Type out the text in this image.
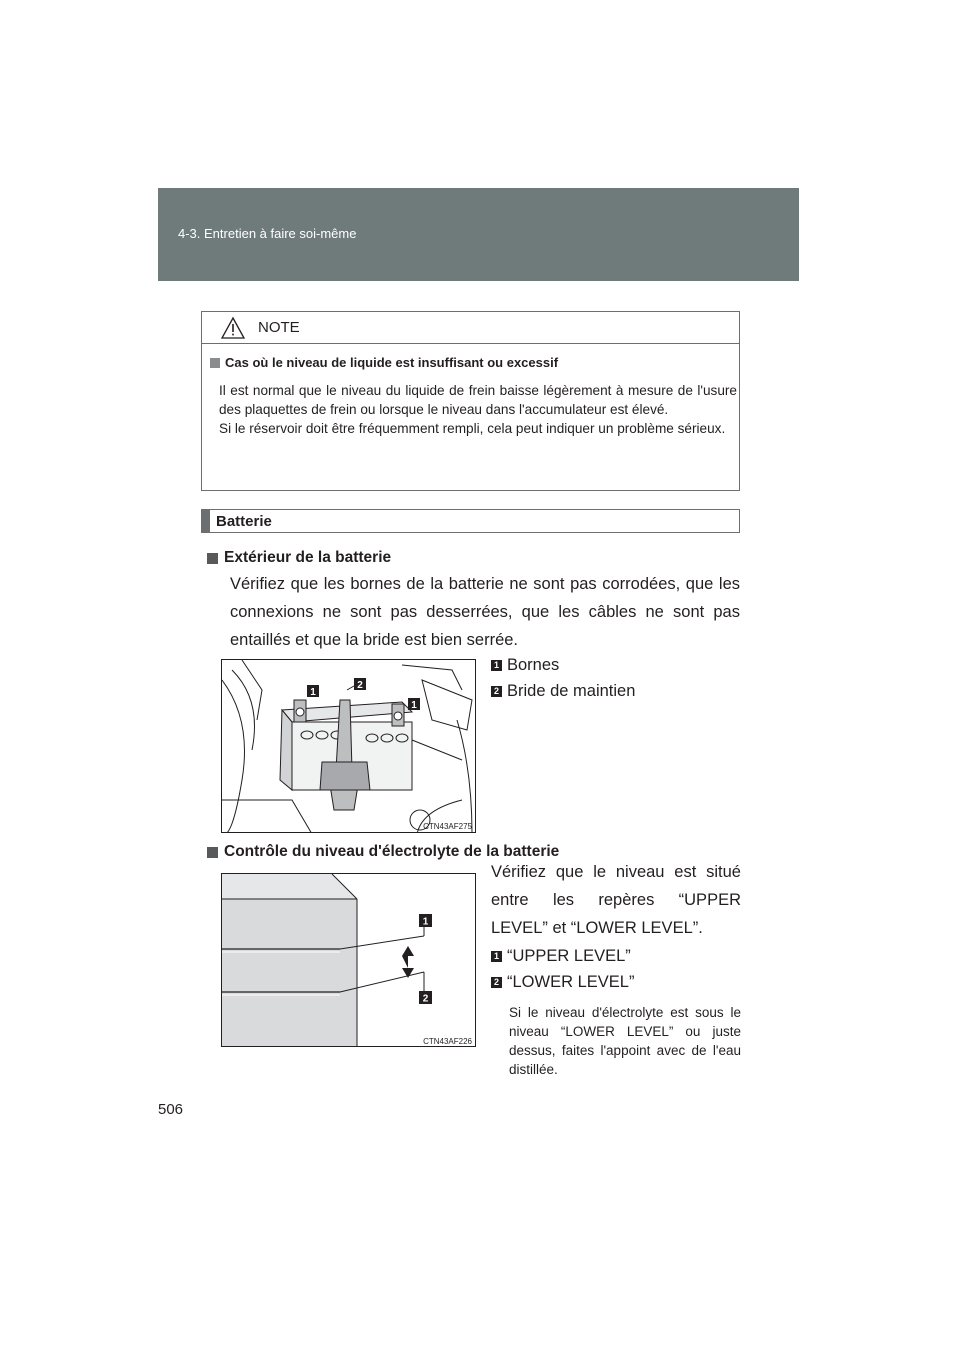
4-3. Entretien à faire soi-même
NOTE
Cas où le niveau de liquide est insuffisant ou excessif

Il est normal que le niveau du liquide de frein baisse légèrement à mesure de l'usure des plaquettes de frein ou lorsque le niveau dans l'accumulateur est élevé.

Si le réservoir doit être fréquemment rempli, cela peut indiquer un problème sérieux.

Batterie
Extérieur de la batterie
Vérifiez que les bornes de la batterie ne sont pas corrodées, que les connexions ne sont pas desserrées, que les câbles ne sont pas entaillés et que la bride est bien serrée.
1
2
1
CTN43AF275
1 Bornes
2 Bride de maintien
Contrôle du niveau d'électrolyte de la batterie
1
2
CTN43AF226
Vérifiez que le niveau est situé entre les repères “UPPER LEVEL” et “LOWER LEVEL”.
1 “UPPER LEVEL”
2 “LOWER LEVEL”
Si le niveau d'électrolyte est sous le niveau “LOWER LEVEL” ou juste dessus, faites l'appoint avec de l'eau distillée.
506
